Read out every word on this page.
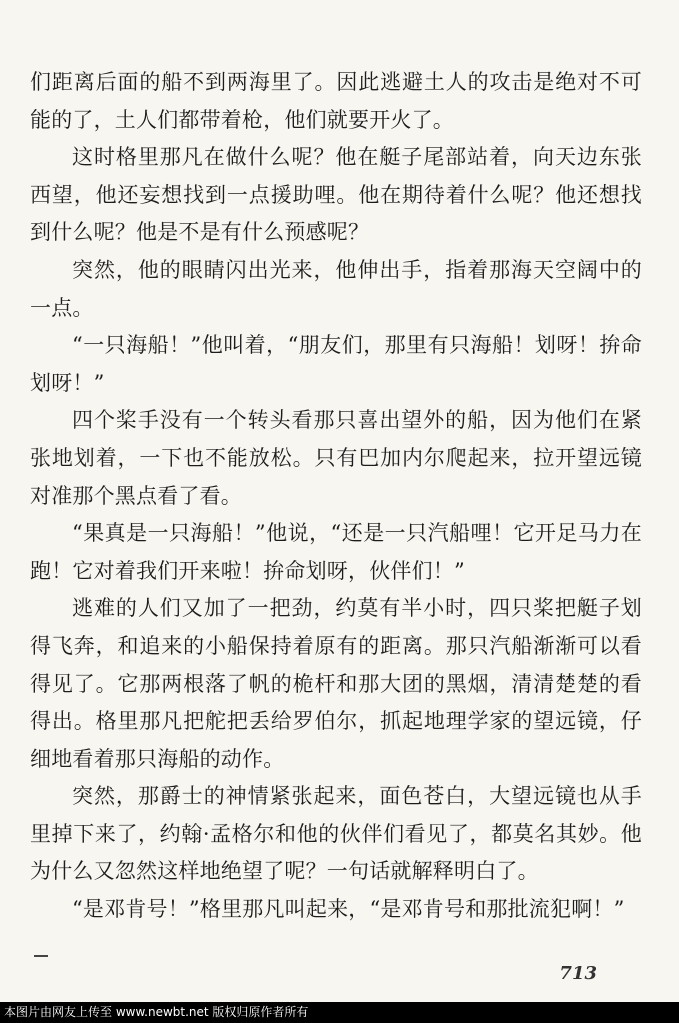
们距离后面的船不到两海里了。因此逃避土人的攻击是绝对不可能的了，土人们都带着枪，他们就要开火了。

这时格里那凡在做什么呢？他在艇子尾部站着，向天边东张西望，他还妄想找到一点援助哩。他在期待着什么呢？他还想找到什么呢？他是不是有什么预感呢？

突然，他的眼睛闪出光来，他伸出手，指着那海天空阔中的一点。

“一只海船！”他叫着，“朋友们，那里有只海船！划呀！拚命划呀！”

四个桨手没有一个转头看那只喜出望外的船，因为他们在紧张地划着，一下也不能放松。只有巴加内尔爬起来，拉开望远镜对准那个黑点看了看。

“果真是一只海船！”他说，“还是一只汽船哩！它开足马力在跑！它对着我们开来啦！拚命划呀，伙伴们！”

逃难的人们又加了一把劲，约莫有半小时，四只桨把艇子划得飞奔，和追来的小船保持着原有的距离。那只汽船渐渐可以看得见了。它那两根落了帆的桅杆和那大团的黑烟，清清楚楚的看得出。格里那凡把舵把丢给罗伯尔，抓起地理学家的望远镜，仔细地看着那只海船的动作。

突然，那爵士的神情紧张起来，面色苍白，大望远镜也从手里掉下来了，约翰·孟格尔和他的伙伴们看见了，都莫名其妙。他为什么又忽然这样地绝望了呢？一句话就解释明白了。

“是邓肯号！”格里那凡叫起来，“是邓肯号和那批流犯啊！”

713
本图片由网友上传至 www.newbt.net 版权归原作者所有
